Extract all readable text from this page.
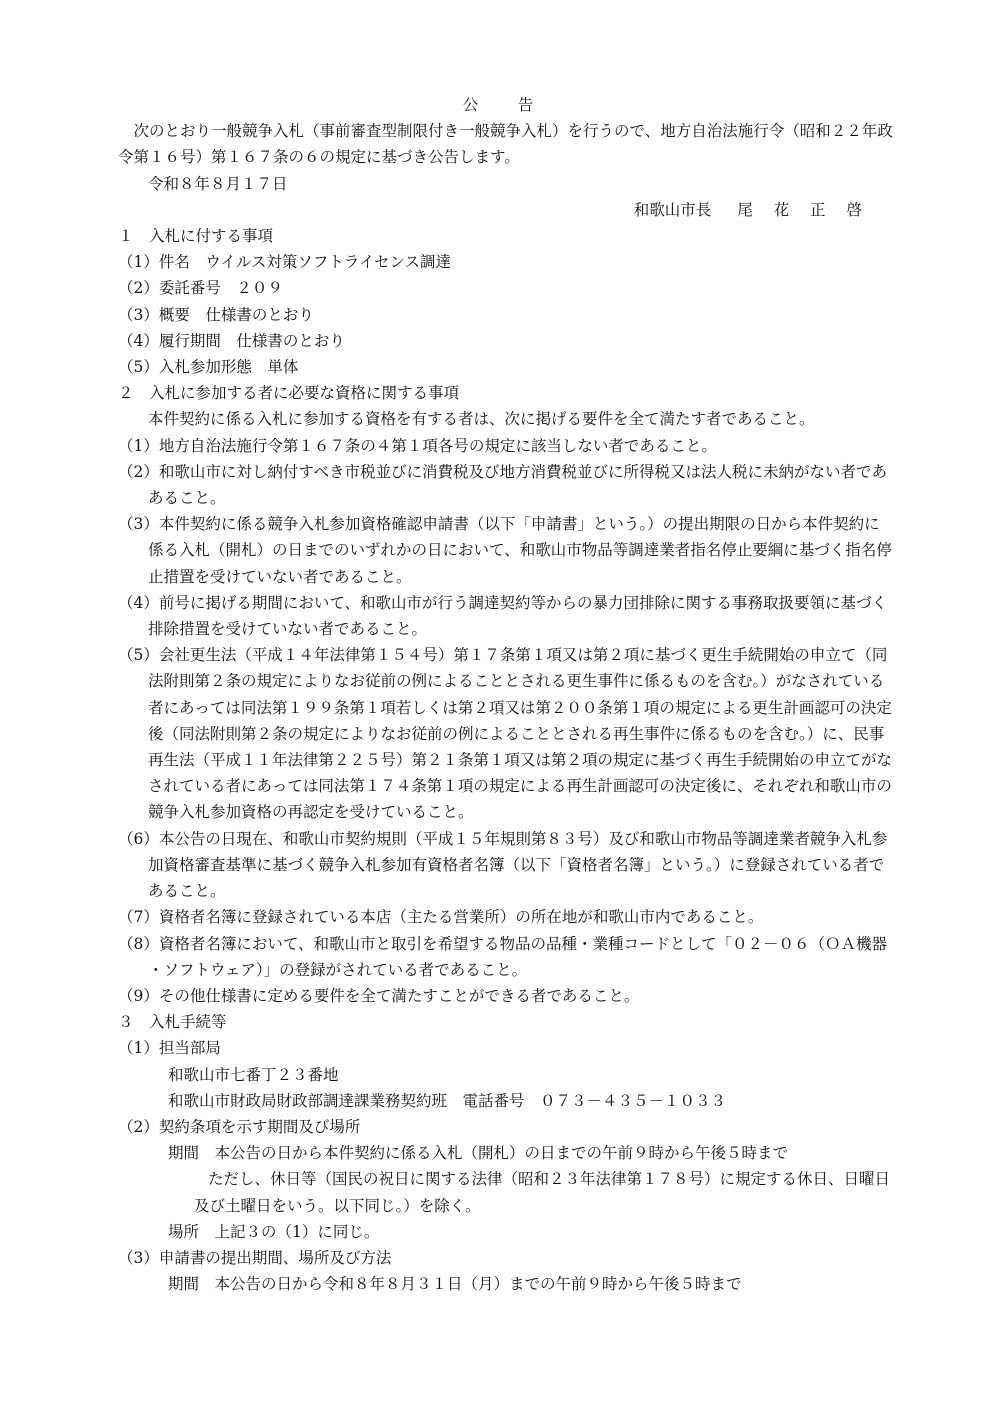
公　告
　次のとおり一般競争入札（事前審査型制限付き一般競争入札）を行うので、地方自治法施行令（昭和２２年政
令第１６号）第１６７条の６の規定に基づき公告します。
令和８年８月１７日
和歌山市長 尾 花 正 啓
１　入札に付する事項
（1）件名　ウイルス対策ソフトライセンス調達
（2）委託番号　２０９
（3）概要　仕様書のとおり
（4）履行期間　仕様書のとおり
（5）入札参加形態　単体
２　入札に参加する者に必要な資格に関する事項
本件契約に係る入札に参加する資格を有する者は、次に掲げる要件を全て満たす者であること。
（1）地方自治法施行令第１６７条の４第１項各号の規定に該当しない者であること。
（2）和歌山市に対し納付すべき市税並びに消費税及び地方消費税並びに所得税又は法人税に未納がない者であ
あること。
（3）本件契約に係る競争入札参加資格確認申請書（以下「申請書」という。）の提出期限の日から本件契約に
係る入札（開札）の日までのいずれかの日において、和歌山市物品等調達業者指名停止要綱に基づく指名停
止措置を受けていない者であること。
（4）前号に掲げる期間において、和歌山市が行う調達契約等からの暴力団排除に関する事務取扱要領に基づく
排除措置を受けていない者であること。
（5）会社更生法（平成１４年法律第１５４号）第１７条第１項又は第２項に基づく更生手続開始の申立て（同
法附則第２条の規定によりなお従前の例によることとされる更生事件に係るものを含む。）がなされている
者にあっては同法第１９９条第１項若しくは第２項又は第２００条第１項の規定による更生計画認可の決定
後（同法附則第２条の規定によりなお従前の例によることとされる再生事件に係るものを含む。）に、民事
再生法（平成１１年法律第２２５号）第２１条第１項又は第２項の規定に基づく再生手続開始の申立てがな
されている者にあっては同法第１７４条第１項の規定による再生計画認可の決定後に、それぞれ和歌山市の
競争入札参加資格の再認定を受けていること。
（6）本公告の日現在、和歌山市契約規則（平成１５年規則第８３号）及び和歌山市物品等調達業者競争入札参
加資格審査基準に基づく競争入札参加有資格者名簿（以下「資格者名簿」という。）に登録されている者で
あること。
（7）資格者名簿に登録されている本店（主たる営業所）の所在地が和歌山市内であること。
（8）資格者名簿において、和歌山市と取引を希望する物品の品種・業種コードとして「０２－０６（ＯＡ機器
・ソフトウェア）」の登録がされている者であること。
（9）その他仕様書に定める要件を全て満たすことができる者であること。
３　入札手続等
（1）担当部局
和歌山市七番丁２３番地
和歌山市財政局財政部調達課業務契約班　電話番号　０７３－４３５－１０３３
（2）契約条項を示す期間及び場所
期間　本公告の日から本件契約に係る入札（開札）の日までの午前９時から午後５時まで
ただし、休日等（国民の祝日に関する法律（昭和２３年法律第１７８号）に規定する休日、日曜日
及び土曜日をいう。以下同じ。）を除く。
場所　上記３の（1）に同じ。
（3）申請書の提出期間、場所及び方法
期間　本公告の日から令和８年８月３１日（月）までの午前９時から午後５時まで
